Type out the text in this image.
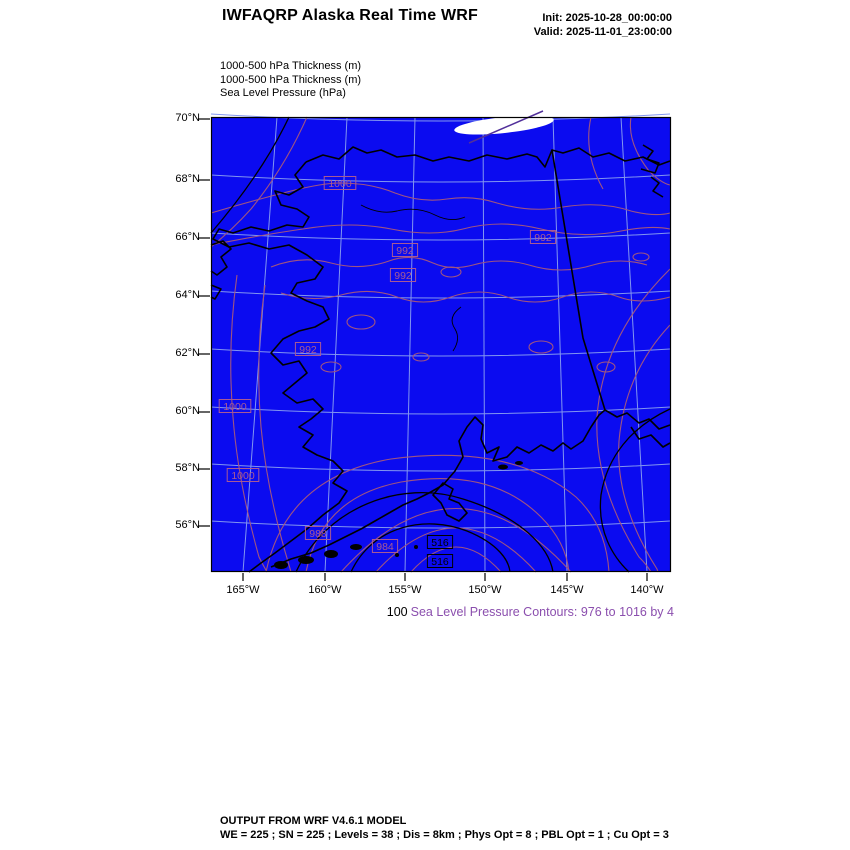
IWFAQRP Alaska Real Time WRF	Init: 2025-10-28_00:00:00
Valid: 2025-11-01_23:00:00
1000-500 hPa Thickness (m)
1000-500 hPa Thickness (m)
Sea Level Pressure (hPa)
1000
992
992
992
992
1000
1000
988
984	516
516
70°N
68°N
66°N
64°N
62°N
60°N
58°N
56°N
165°W	160°W	155°W	150°W	145°W	140°W
100 Sea Level Pressure Contours: 976 to 1016 by 4
OUTPUT FROM WRF V4.6.1 MODEL
WE = 225 ; SN = 225 ; Levels = 38 ; Dis = 8km ; Phys Opt = 8 ; PBL Opt = 1 ; Cu Opt = 3
